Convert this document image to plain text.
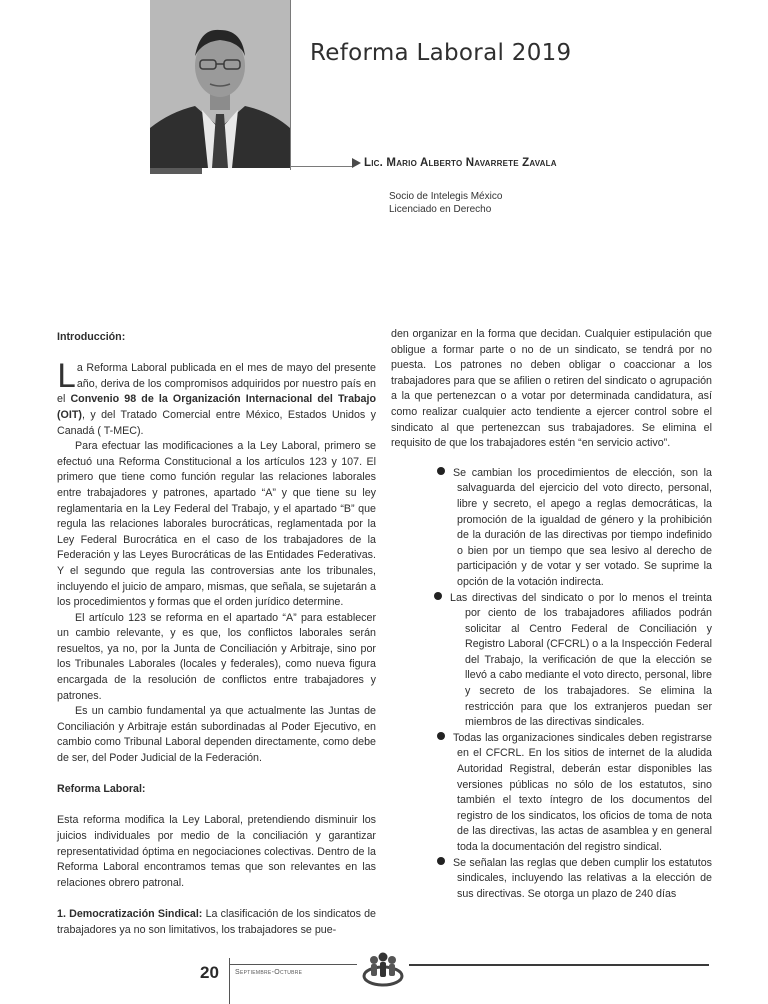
Reforma Laboral 2019
Lic. Mario Alberto Navarrete Zavala
Socio de Intelegis México
Licenciado en Derecho

Introducción:

La Reforma Laboral publicada en el mes de mayo del presente año, deriva de los compromisos adquiridos por nuestro país en el Convenio 98 de la Organización Internacional del Trabajo (OIT), y del Tratado Comercial entre México, Estados Unidos y Canadá ( T-MEC).

Para efectuar las modificaciones a la Ley Laboral, primero se efectuó una Reforma Constitucional a los artículos 123 y 107. El primero que tiene como función regular las relaciones laborales entre trabajadores y patrones, apartado “A” y que tiene su ley reglamentaria en la Ley Federal del Trabajo, y el apartado “B” que regula las relaciones laborales burocráticas, reglamentada por la Ley Federal Burocrática en el caso de los trabajadores de la Federación y las Leyes Burocráticas de las Entidades Federativas. Y el segundo que regula las controversias ante los tribunales, incluyendo el juicio de amparo, mismas, que señala, se sujetarán a los procedimientos y formas que el orden jurídico determine.

El artículo 123 se reforma en el apartado “A” para establecer un cambio relevante, y es que, los conflictos laborales serán resueltos, ya no, por la Junta de Conciliación y Arbitraje, sino por los Tribunales Laborales (locales y federales), como nueva figura encargada de la resolución de conflictos entre trabajadores y patrones.

Es un cambio fundamental ya que actualmente las Juntas de Conciliación y Arbitraje están subordinadas al Poder Ejecutivo, en cambio como Tribunal Laboral dependen directamente, como debe de ser, del Poder Judicial de la Federación.

Reforma Laboral:

Esta reforma modifica la Ley Laboral, pretendiendo disminuir los juicios individuales por medio de la conciliación y garantizar representatividad óptima en negociaciones colectivas. Dentro de la Reforma Laboral encontramos temas que son relevantes en las relaciones obrero patronal.

1. Democratización Sindical: La clasificación de los sindicatos de trabajadores ya no son limitativos, los trabajadores se pue-

den organizar en la forma que decidan. Cualquier estipulación que obligue a formar parte o no de un sindicato, se tendrá por no puesta. Los patrones no deben obligar o coaccionar a los trabajadores para que se afilien o retiren del sindicato o agrupación a la que pertenezcan o a votar por determinada candidatura, así como realizar cualquier acto tendiente a ejercer control sobre el sindicato al que pertenezcan sus trabajadores. Se elimina el requisito de que los trabajadores estén “en servicio activo”.

Se cambian los procedimientos de elección, son la salvaguarda del ejercicio del voto directo, personal, libre y secreto, el apego a reglas democráticas, la promoción de la igualdad de género y la prohibición de la duración de las directivas por tiempo indefinido o bien por un tiempo que sea lesivo al derecho de participación y de votar y ser votado. Se suprime la opción de la votación indirecta.
Las directivas del sindicato o por lo menos el treinta por ciento de los trabajadores afiliados podrán solicitar al Centro Federal de Conciliación y Registro Laboral (CFCRL) o a la Inspección Federal del Trabajo, la verificación de que la elección se llevó a cabo mediante el voto directo, personal, libre y secreto de los trabajadores. Se elimina la restricción para que los extranjeros puedan ser miembros de las directivas sindicales.
Todas las organizaciones sindicales deben registrarse en el CFCRL. En los sitios de internet de la aludida Autoridad Registral, deberán estar disponibles las versiones públicas no sólo de los estatutos, sino también el texto íntegro de los documentos del registro de los sindicatos, los oficios de toma de nota de las directivas, las actas de asamblea y en general toda la documentación del registro sindical.
Se señalan las reglas que deben cumplir los estatutos sindicales, incluyendo las relativas a la elección de sus directivas. Se otorga un plazo de 240 días
20 Septiembre-Octubre
